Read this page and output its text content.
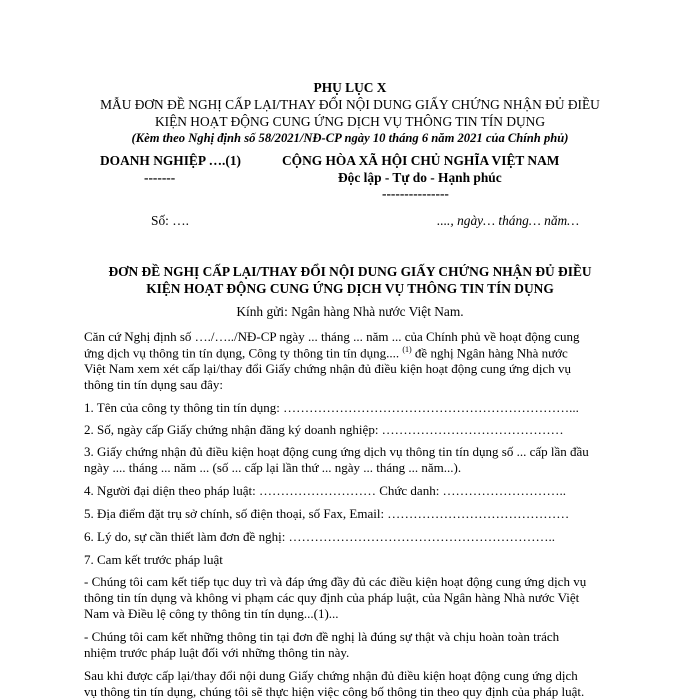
PHỤ LỤC X
MẪU ĐƠN ĐỀ NGHỊ CẤP LẠI/THAY ĐỔI NỘI DUNG GIẤY CHỨNG NHẬN ĐỦ ĐIỀU
KIỆN HOẠT ĐỘNG CUNG ỨNG DỊCH VỤ THÔNG TIN TÍN DỤNG
(Kèm theo Nghị định số 58/2021/NĐ-CP ngày 10 tháng 6 năm 2021 của Chính phủ)
DOANH NGHIỆP ….(1)
-------
Số: ….
CỘNG HÒA XÃ HỘI CHỦ NGHĨA VIỆT NAM
Độc lập - Tự do - Hạnh phúc
---------------
...., ngày… tháng… năm…
ĐƠN ĐỀ NGHỊ CẤP LẠI/THAY ĐỔI NỘI DUNG GIẤY CHỨNG NHẬN ĐỦ ĐIỀU
KIỆN HOẠT ĐỘNG CUNG ỨNG DỊCH VỤ THÔNG TIN TÍN DỤNG
Kính gửi: Ngân hàng Nhà nước Việt Nam.
Căn cứ Nghị định số …./…../NĐ-CP ngày ... tháng ... năm ... của Chính phủ về hoạt động cung
ứng dịch vụ thông tin tín dụng, Công ty thông tin tín dụng.... $^{(1)}$ đề nghị Ngân hàng Nhà nước
Việt Nam xem xét cấp lại/thay đổi Giấy chứng nhận đủ điều kiện hoạt động cung ứng dịch vụ
thông tin tín dụng sau đây:
1. Tên của công ty thông tin tín dụng: …………………………………………………………...
2. Số, ngày cấp Giấy chứng nhận đăng ký doanh nghiệp: ……………………………………
3. Giấy chứng nhận đủ điều kiện hoạt động cung ứng dịch vụ thông tin tín dụng số ... cấp lần đầu
ngày .... tháng ... năm ... (số ... cấp lại lần thứ ... ngày ... tháng ... năm...).
4. Người đại diện theo pháp luật: ……………………… Chức danh: ………………………..
5. Địa điểm đặt trụ sở chính, số điện thoại, số Fax, Email: ……………………………………
6. Lý do, sự cần thiết làm đơn đề nghị: ……………………………………………………..
7. Cam kết trước pháp luật
- Chúng tôi cam kết tiếp tục duy trì và đáp ứng đầy đủ các điều kiện hoạt động cung ứng dịch vụ
thông tin tín dụng và không vi phạm các quy định của pháp luật, của Ngân hàng Nhà nước Việt
Nam và Điều lệ công ty thông tin tín dụng...(1)...
- Chúng tôi cam kết những thông tin tại đơn đề nghị là đúng sự thật và chịu hoàn toàn trách
nhiệm trước pháp luật đối với những thông tin này.
Sau khi được cấp lại/thay đổi nội dung Giấy chứng nhận đủ điều kiện hoạt động cung ứng dịch
vụ thông tin tín dụng, chúng tôi sẽ thực hiện việc công bố thông tin theo quy định của pháp luật.
